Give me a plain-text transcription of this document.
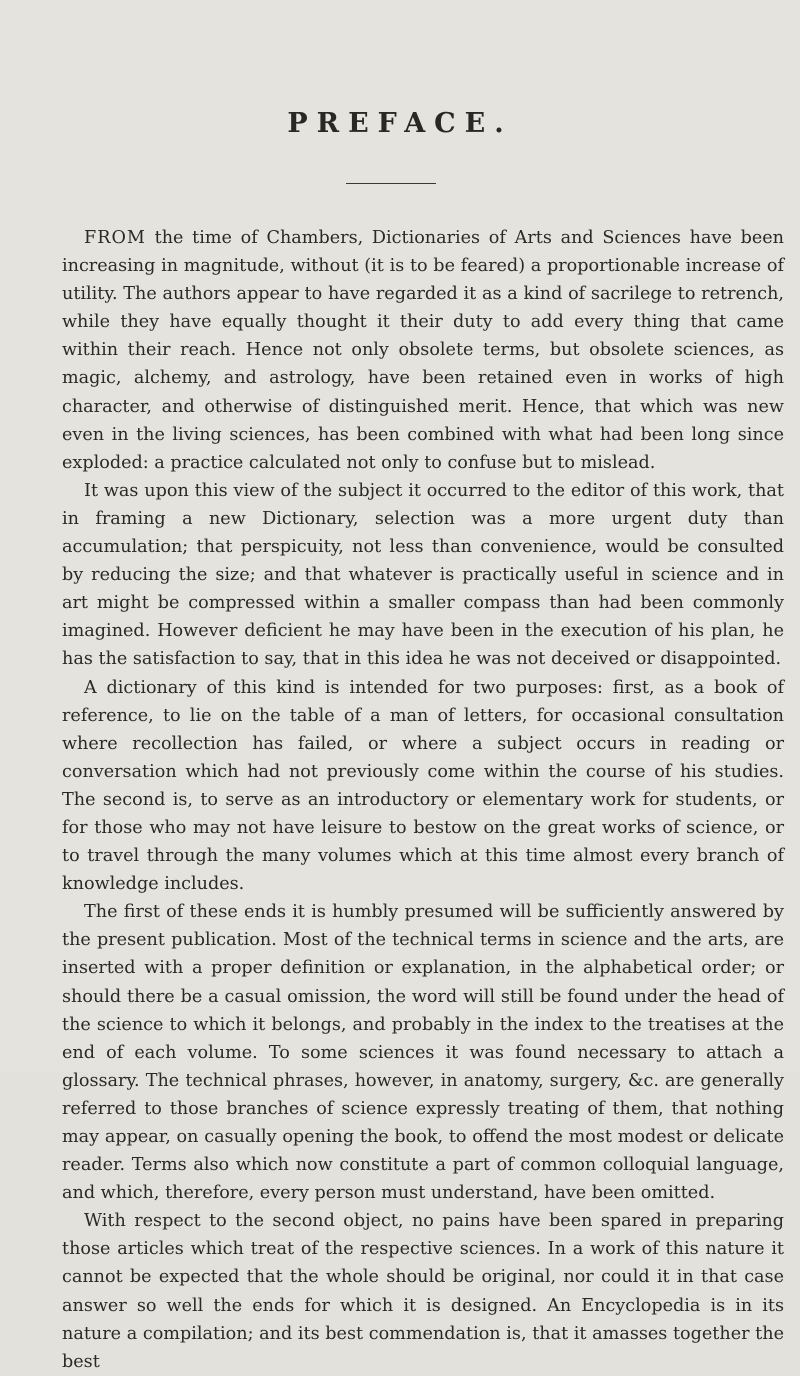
PREFACE.

FROM the time of Chambers, Dictionaries of Arts and Sciences have been increasing in magnitude, without (it is to be feared) a proportionable increase of utility. The authors appear to have regarded it as a kind of sacrilege to retrench, while they have equally thought it their duty to add every thing that came within their reach. Hence not only obsolete terms, but obsolete sciences, as magic, alchemy, and astrology, have been retained even in works of high character, and otherwise of distinguished merit. Hence, that which was new even in the living sciences, has been combined with what had been long since exploded: a practice calculated not only to confuse but to mislead.

It was upon this view of the subject it occurred to the editor of this work, that in framing a new Dictionary, selection was a more urgent duty than accumulation; that perspicuity, not less than convenience, would be consulted by reducing the size; and that whatever is practically useful in science and in art might be compressed within a smaller compass than had been commonly imagined. However deficient he may have been in the execution of his plan, he has the satisfaction to say, that in this idea he was not deceived or disappointed.

A dictionary of this kind is intended for two purposes: first, as a book of reference, to lie on the table of a man of letters, for occasional consultation where recollection has failed, or where a subject occurs in reading or conversation which had not previously come within the course of his studies. The second is, to serve as an introductory or elementary work for students, or for those who may not have leisure to bestow on the great works of science, or to travel through the many volumes which at this time almost every branch of knowledge includes.

The first of these ends it is humbly presumed will be sufficiently answered by the present publication. Most of the technical terms in science and the arts, are inserted with a proper definition or explanation, in the alphabetical order; or should there be a casual omission, the word will still be found under the head of the science to which it belongs, and probably in the index to the treatises at the end of each volume. To some sciences it was found necessary to attach a glossary. The technical phrases, however, in anatomy, surgery, &c. are generally referred to those branches of science expressly treating of them, that nothing may appear, on casually opening the book, to offend the most modest or delicate reader. Terms also which now constitute a part of common colloquial language, and which, therefore, every person must understand, have been omitted.

With respect to the second object, no pains have been spared in preparing those articles which treat of the respective sciences. In a work of this nature it cannot be expected that the whole should be original, nor could it in that case answer so well the ends for which it is designed. An Encyclopedia is in its nature a compilation; and its best commendation is, that it amasses together the best
